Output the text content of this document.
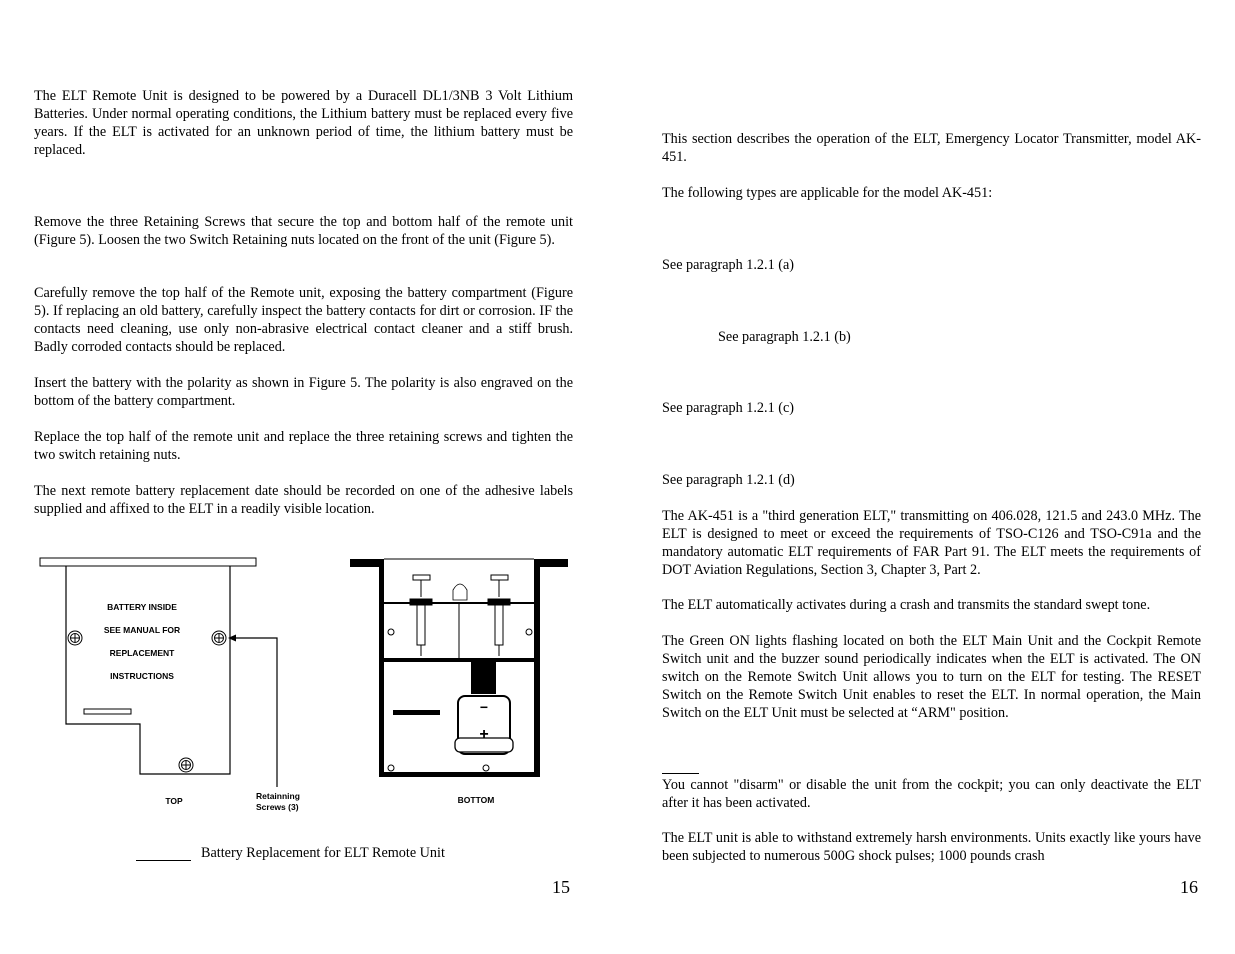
The ELT Remote Unit is designed to be powered by a Duracell DL1/3NB 3 Volt Lithium Batteries. Under normal operating conditions, the Lithium battery must be replaced every five years. If the ELT is activated for an unknown period of time, the lithium battery must be replaced.

Remove the three Retaining Screws that secure the top and bottom half of the remote unit (Figure 5). Loosen the two Switch Retaining nuts located on the front of the unit (Figure 5).

Carefully remove the top half of the Remote unit, exposing the battery compartment (Figure 5). If replacing an old battery, carefully inspect the battery contacts for dirt or corrosion. IF the contacts need cleaning, use only non-abrasive electrical contact cleaner and a stiff brush. Badly corroded contacts should be replaced.

Insert the battery with the polarity as shown in Figure 5. The polarity is also engraved on the bottom of the battery compartment.

Replace the top half of the remote unit and replace the three retaining screws and tighten the two switch retaining nuts.

The next remote battery replacement date should be recorded on one of the adhesive labels supplied and affixed to the ELT in a readily visible location.

BATTERY INSIDE
SEE MANUAL FOR
REPLACEMENT
INSTRUCTIONS
TOP	Retainning
Screws (3)
−
+
BOTTOM
Battery Replacement for ELT Remote Unit
15

This section describes the operation of the ELT, Emergency Locator Transmitter, model AK-451.

The following types are applicable for the model AK-451:
See paragraph 1.2.1 (a)
See paragraph 1.2.1 (b)
See paragraph 1.2.1 (c)
See paragraph 1.2.1 (d)

The AK-451 is a "third generation ELT," transmitting on 406.028, 121.5 and 243.0 MHz. The ELT is designed to meet or exceed the requirements of TSO-C126 and TSO-C91a and the mandatory automatic ELT requirements of FAR Part 91. The ELT meets the requirements of DOT Aviation Regulations, Section 3, Chapter 3, Part 2.

The ELT automatically activates during a crash and transmits the standard swept tone.

The Green ON lights flashing located on both the ELT Main Unit and the Cockpit Remote Switch unit and the buzzer sound periodically indicates when the ELT is activated. The ON switch on the Remote Switch Unit allows you to turn on the ELT for testing. The RESET Switch on the Remote Switch Unit enables to reset the ELT. In normal operation, the Main Switch on the ELT Unit must be selected at “ARM" position.

You cannot "disarm" or disable the unit from the cockpit; you can only deactivate the ELT after it has been activated.

The ELT unit is able to withstand extremely harsh environments. Units exactly like yours have been subjected to numerous 500G shock pulses; 1000 pounds crash

16
